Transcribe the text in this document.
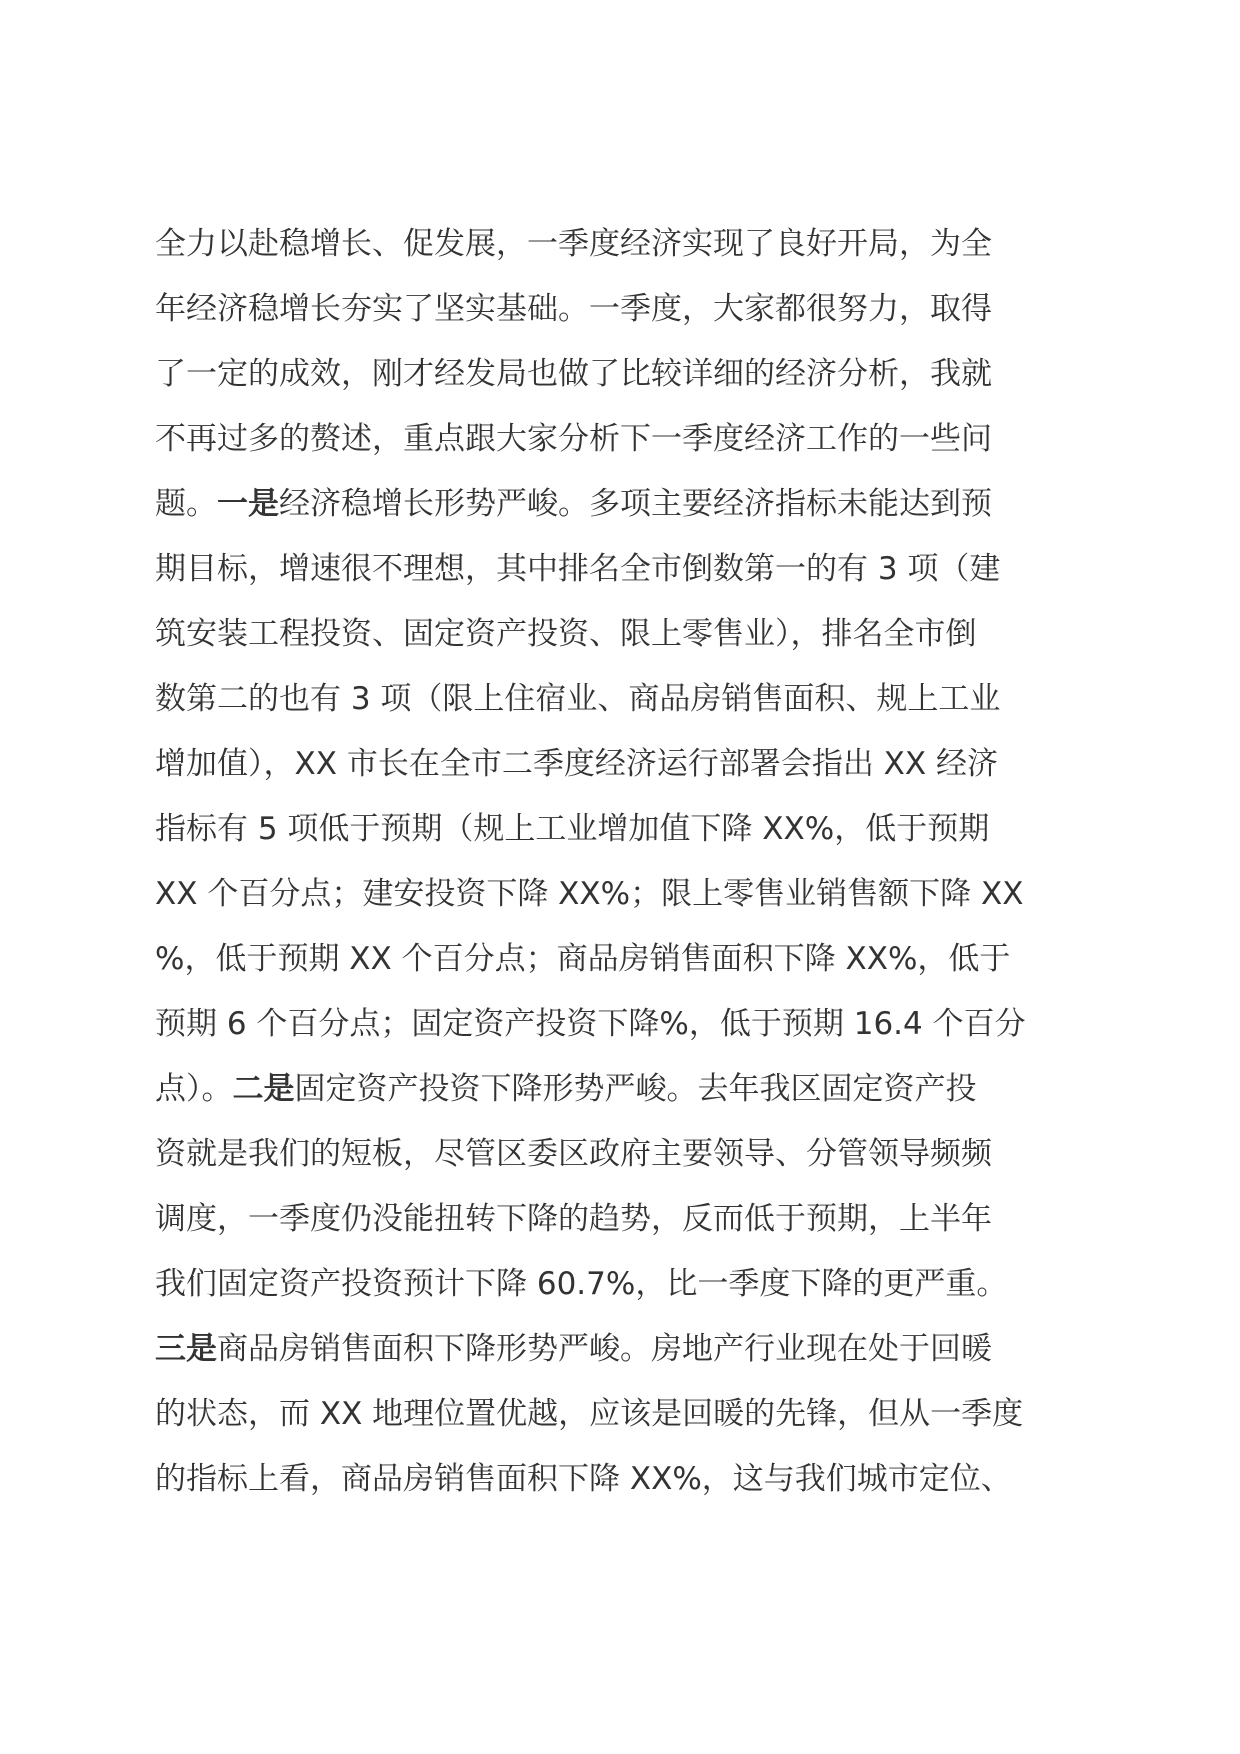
全力以赴稳增长、促发展，一季度经济实现了良好开局，为全
年经济稳增长夯实了坚实基础。一季度，大家都很努力，取得
了一定的成效，刚才经发局也做了比较详细的经济分析，我就
不再过多的赘述，重点跟大家分析下一季度经济工作的一些问
题。一是经济稳增长形势严峻。多项主要经济指标未能达到预
期目标，增速很不理想，其中排名全市倒数第一的有 3 项（建
筑安装工程投资、固定资产投资、限上零售业），排名全市倒
数第二的也有 3 项（限上住宿业、商品房销售面积、规上工业
增加值），XX 市长在全市二季度经济运行部署会指出 XX 经济
指标有 5 项低于预期（规上工业增加值下降 XX%，低于预期
XX 个百分点；建安投资下降 XX%；限上零售业销售额下降 XX
%，低于预期 XX 个百分点；商品房销售面积下降 XX%，低于
预期 6 个百分点；固定资产投资下降%，低于预期 16.4 个百分
点）。二是固定资产投资下降形势严峻。去年我区固定资产投
资就是我们的短板，尽管区委区政府主要领导、分管领导频频
调度，一季度仍没能扭转下降的趋势，反而低于预期，上半年
我们固定资产投资预计下降 60.7%，比一季度下降的更严重。
三是商品房销售面积下降形势严峻。房地产行业现在处于回暖
的状态，而 XX 地理位置优越，应该是回暖的先锋，但从一季度
的指标上看，商品房销售面积下降 XX%，这与我们城市定位、
